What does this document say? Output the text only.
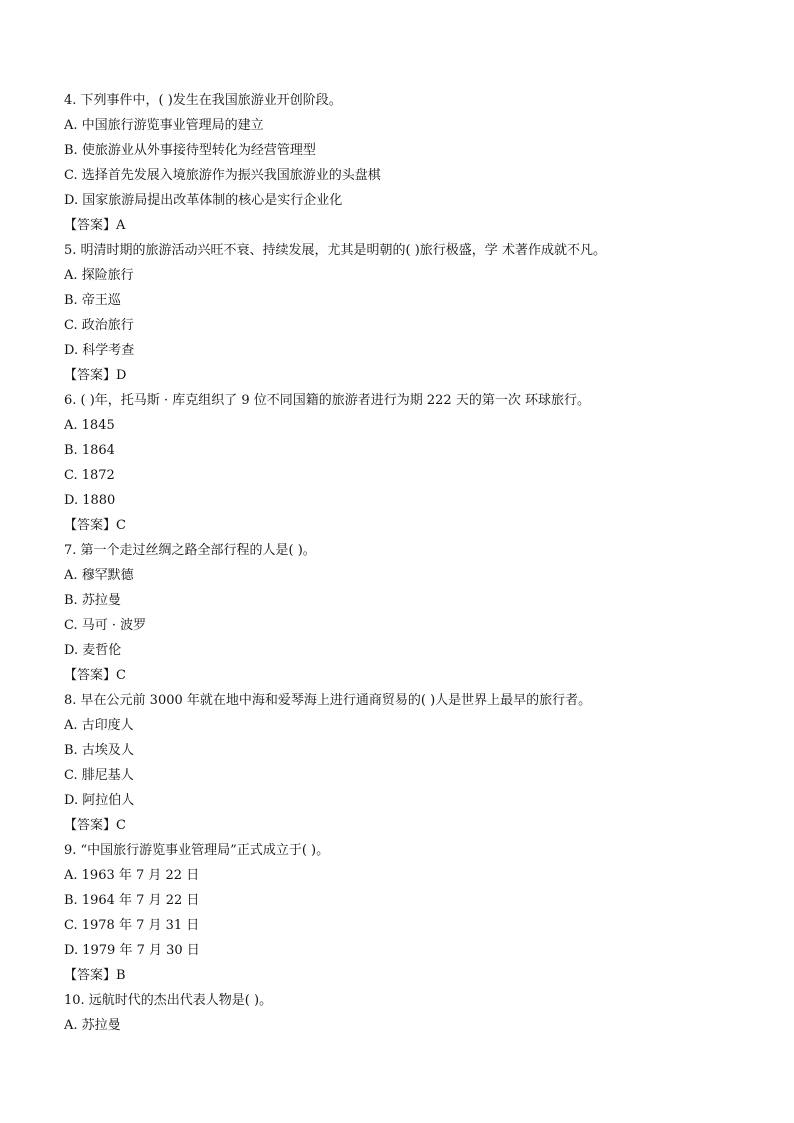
4. 下列事件中，( )发生在我国旅游业开创阶段。
A. 中国旅行游览事业管理局的建立
B. 使旅游业从外事接待型转化为经营管理型
C. 选择首先发展入境旅游作为振兴我国旅游业的头盘棋
D. 国家旅游局提出改革体制的核心是实行企业化
【答案】A
5. 明清时期的旅游活动兴旺不衰、持续发展，尤其是明朝的( )旅行极盛，学 术著作成就不凡。
A. 探险旅行
B. 帝王巡
C. 政治旅行
D. 科学考查
【答案】D
6. ( )年，托马斯 · 库克组织了 9 位不同国籍的旅游者进行为期 222 天的第一次 环球旅行。
A. 1845
B. 1864
C. 1872
D. 1880
【答案】C
7. 第一个走过丝绸之路全部行程的人是( )。
A. 穆罕默德
B. 苏拉曼
C. 马可 · 波罗
D. 麦哲伦
【答案】C
8. 早在公元前 3000 年就在地中海和爱琴海上进行通商贸易的( )人是世界上最早的旅行者。
A. 古印度人
B. 古埃及人
C. 腓尼基人
D. 阿拉伯人
【答案】C
9. “中国旅行游览事业管理局”正式成立于( )。
A. 1963 年 7 月 22 日
B. 1964 年 7 月 22 日
C. 1978 年 7 月 31 日
D. 1979 年 7 月 30 日
【答案】B
10. 远航时代的杰出代表人物是( )。
A. 苏拉曼
